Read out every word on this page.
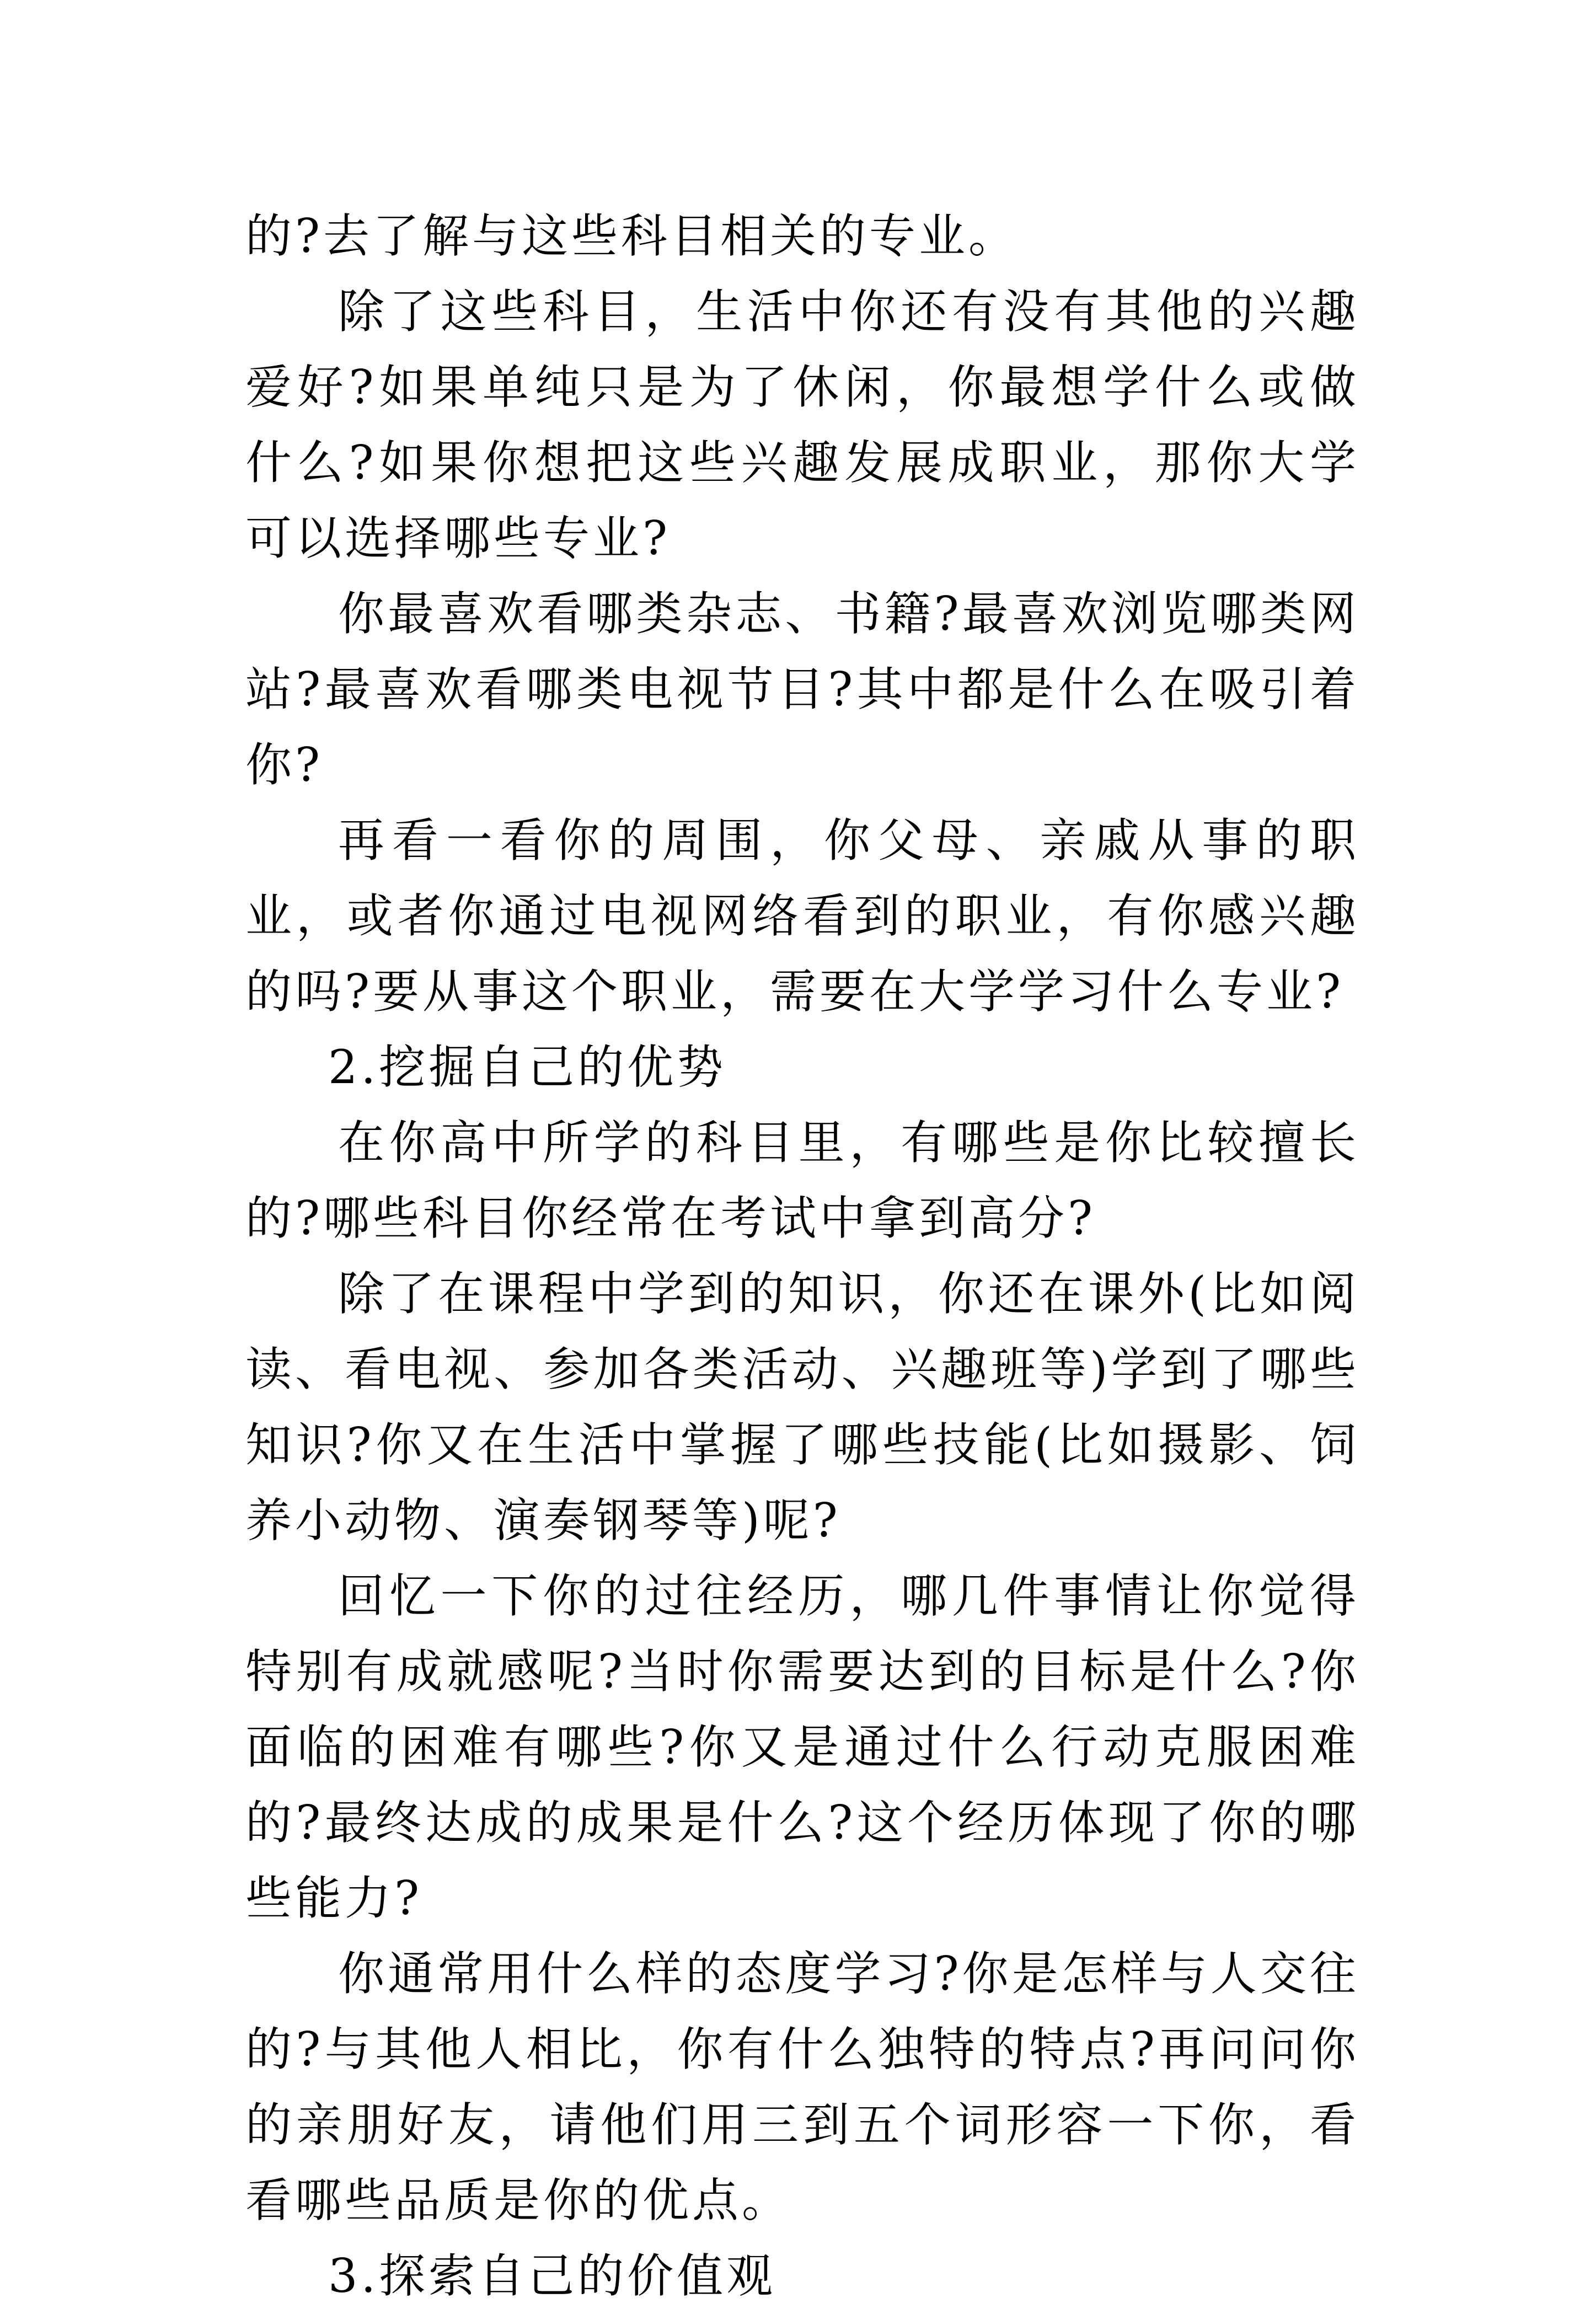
的?去了解与这些科目相关的专业。

除了这些科目，生活中你还有没有其他的兴趣爱好?如果单纯只是为了休闲，你最想学什么或做什么?如果你想把这些兴趣发展成职业，那你大学可以选择哪些专业?

你最喜欢看哪类杂志、书籍?最喜欢浏览哪类网站?最喜欢看哪类电视节目?其中都是什么在吸引着你?

再看一看你的周围，你父母、亲戚从事的职业，或者你通过电视网络看到的职业，有你感兴趣的吗?要从事这个职业，需要在大学学习什么专业?

2.挖掘自己的优势

在你高中所学的科目里，有哪些是你比较擅长的?哪些科目你经常在考试中拿到高分?

除了在课程中学到的知识，你还在课外(比如阅读、看电视、参加各类活动、兴趣班等)学到了哪些知识?你又在生活中掌握了哪些技能(比如摄影、饲养小动物、演奏钢琴等)呢?

回忆一下你的过往经历，哪几件事情让你觉得特别有成就感呢?当时你需要达到的目标是什么?你面临的困难有哪些?你又是通过什么行动克服困难的?最终达成的成果是什么?这个经历体现了你的哪些能力?

你通常用什么样的态度学习?你是怎样与人交往的?与其他人相比，你有什么独特的特点?再问问你的亲朋好友，请他们用三到五个词形容一下你，看看哪些品质是你的优点。

3.探索自己的价值观
